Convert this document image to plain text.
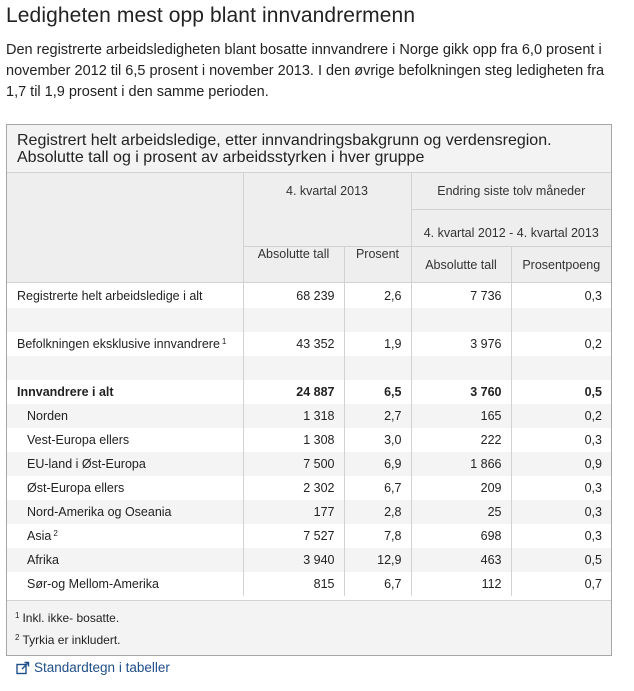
Ledigheten mest opp blant innvandrermenn

Den registrerte arbeidsledigheten blant bosatte innvandrere i Norge gikk opp fra 6,0 prosent i november 2012 til 6,5 prosent i november 2013. I den øvrige befolkningen steg ledigheten fra 1,7 til 1,9 prosent i den samme perioden.

Registrert helt arbeidsledige, etter innvandringsbakgrunn og verdensregion.
Absolutte tall og i prosent av arbeidsstyrken i hver gruppe
	4. kvartal 2013		Endring siste tolv måneder	
			4. kvartal 2012 - 4. kvartal 2013	
	Absolutte tall	Prosent	Absolutte tall	Prosentpoeng
Registrerte helt arbeidsledige i alt	68 239	2,6	7 736	0,3

Befolkningen eksklusive innvandrere $^1$	43 352	1,9	3 976	0,2

Innvandrere i alt	24 887	6,5	3 760	0,5
Norden	1 318	2,7	165	0,2
Vest-Europa ellers	1 308	3,0	222	0,3
EU-land i Øst-Europa	7 500	6,9	1 866	0,9
Øst-Europa ellers	2 302	6,7	209	0,3
Nord-Amerika og Oseania	177	2,8	25	0,3
Asia $^2$	7 527	7,8	698	0,3
Afrika	3 940	12,9	463	0,5
Sør-og Mellom-Amerika	815	6,7	112	0,7
$^1$ Inkl. ikke- bosatte.
$^2$ Tyrkia er inkludert.
Standardtegn i tabeller
